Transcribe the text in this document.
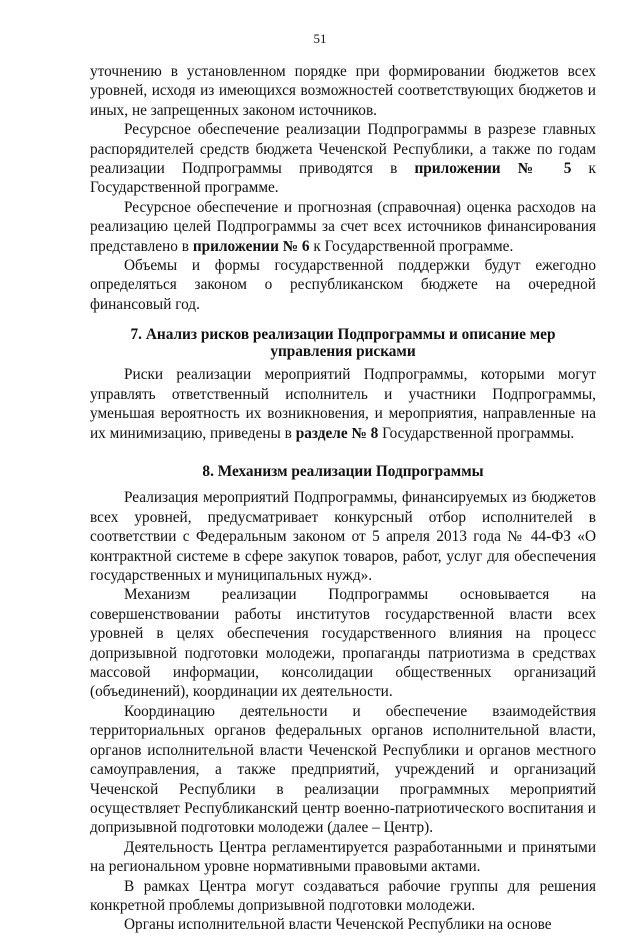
51

уточнению в установленном порядке при формировании бюджетов всех уровней, исходя из имеющихся возможностей соответствующих бюджетов и иных, не запрещенных законом источников.

Ресурсное обеспечение реализации Подпрограммы в разрезе главных распорядителей средств бюджета Чеченской Республики, а также по годам реализации Подпрограммы приводятся в приложении № 5 к Государственной программе.

Ресурсное обеспечение и прогнозная (справочная) оценка расходов на реализацию целей Подпрограммы за счет всех источников финансирования представлено в приложении № 6 к Государственной программе.

Объемы и формы государственной поддержки будут ежегодно определяться законом о республиканском бюджете на очередной финансовый год.

7. Анализ рисков реализации Подпрограммы и описание мер управления рисками

Риски реализации мероприятий Подпрограммы, которыми могут управлять ответственный исполнитель и участники Подпрограммы, уменьшая вероятность их возникновения, и мероприятия, направленные на их минимизацию, приведены в разделе № 8 Государственной программы.

8. Механизм реализации Подпрограммы

Реализация мероприятий Подпрограммы, финансируемых из бюджетов всех уровней, предусматривает конкурсный отбор исполнителей в соответствии с Федеральным законом от 5 апреля 2013 года № 44-ФЗ «О контрактной системе в сфере закупок товаров, работ, услуг для обеспечения государственных и муниципальных нужд».

Механизм реализации Подпрограммы основывается на совершенствовании работы институтов государственной власти всех уровней в целях обеспечения государственного влияния на процесс допризывной подготовки молодежи, пропаганды патриотизма в средствах массовой информации, консолидации общественных организаций (объединений), координации их деятельности.

Координацию деятельности и обеспечение взаимодействия территориальных органов федеральных органов исполнительной власти, органов исполнительной власти Чеченской Республики и органов местного самоуправления, а также предприятий, учреждений и организаций Чеченской Республики в реализации программных мероприятий осуществляет Республиканский центр военно-патриотического воспитания и допризывной подготовки молодежи (далее – Центр).

Деятельность Центра регламентируется разработанными и принятыми на региональном уровне нормативными правовыми актами.

В рамках Центра могут создаваться рабочие группы для решения конкретной проблемы допризывной подготовки молодежи.

Органы исполнительной власти Чеченской Республики на основе
